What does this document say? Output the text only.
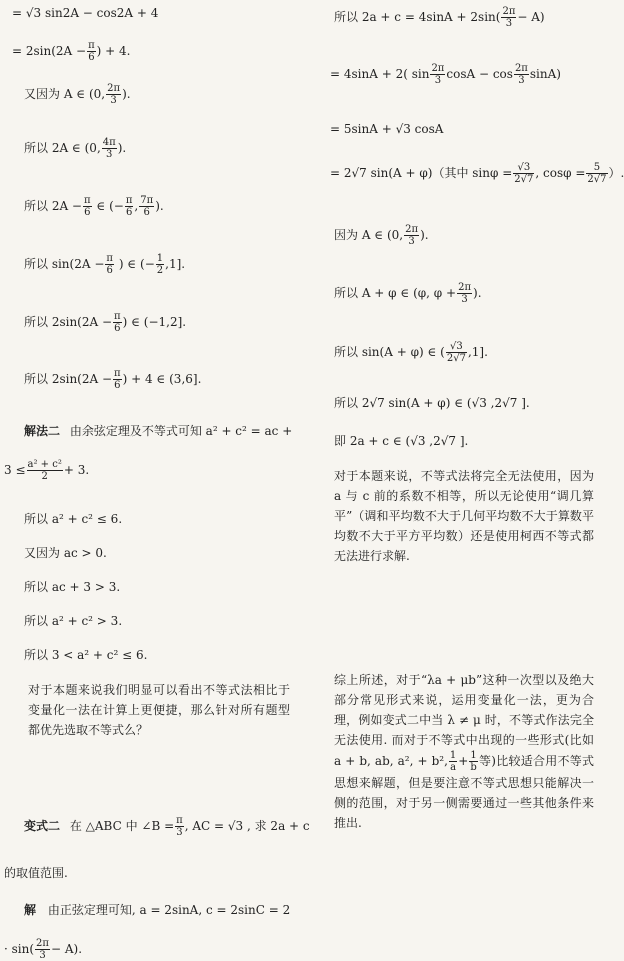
= √3 sin2A − cos2A + 4
= $2\sin(2A - \frac{\pi}{6}$ ) + 4.
又因为 A ∈ (0, $\frac{2\pi}{3}$ ).
所以 2A ∈ (0, $\frac{4\pi}{3}$ ).
所以 $2A - \frac{\pi}{6}$ ∈ (− $\frac{\pi}{6}$ , $\frac{7\pi}{6}$ ).
所以 $\sin(2A - \frac{\pi}{6}$ ) ∈ (− $\frac{1}{2} ,1$].
所以 $2\sin(2A - \frac{\pi}{6}$ ) ∈ (−1,2].
所以 $2\sin(2A - \frac{\pi}{6}$ ) + 4 ∈ (3,6].
解法二 由余弦定理及不等式可知 a² + c² = ac +
$3 \le \frac{\text{a² + c²}}{2} + 3$.
所以 a² + c² ≤ 6.
又因为 ac > 0.
所以 ac + 3 > 3.
所以 a² + c² > 3.
所以 3 < a² + c² ≤ 6.
对于本题来说我们明显可以看出不等式法相比于变量化一法在计算上更便捷，那么针对所有题型都优先选取不等式么？
变式二 在 △ABC 中 ∠B = $\frac{\pi}{3}$ , AC = √3 , 求 2a + c
的取值范围.
解 由正弦定理可知, a = 2sinA, c = 2sinC = 2
· $\sin( \frac{2\pi}{3} - A)$.
所以 $2a + c = 4\sin A + 2\sin( \frac{2\pi}{3} - A)$
= 4sinA + 2( $\sin \frac{2\pi}{3}$ $\cos A - \cos \frac{2\pi}{3} \sin A$)
= 5sinA + √3 cosA
= 2√7 sin(A + φ)（其中 $\sin\varphi = \frac{√3}{2√7}$ , $\cos\varphi = \frac{5}{2√7}$ ）.
因为 A ∈ (0, $\frac{2\pi}{3}$ ).
所以 A + φ ∈ (φ, $\varphi + \frac{2\pi}{3}$ ).
所以 sin(A + φ) ∈ ( $\frac{√3}{2√7} ,1$].
所以 2√7 sin(A + φ) ∈ (√3 ,2√7 ].
即 2a + c ∈ (√3 ,2√7 ].
对于本题来说，不等式法将完全无法使用，因为 a 与 c 前的系数不相等，所以无论使用“调几算平”（调和平均数不大于几何平均数不大于算数平均数不大于平方平均数）还是使用柯西不等式都无法进行求解.
综上所述，对于“λa + μb”这种一次型以及绝大部分常见形式来说，运用变量化一法，更为合理，例如变式二中当 λ ≠ μ 时，不等式作法完全无法使用. 而对于不等式中出现的一些形式(比如 a + b, ab, a², + b², $\frac{1}{a} + \frac{1}{b}$ 等)比较适合用不等式思想来解题，但是要注意不等式思想只能解决一侧的范围，对于另一侧需要通过一些其他条件来推出.
